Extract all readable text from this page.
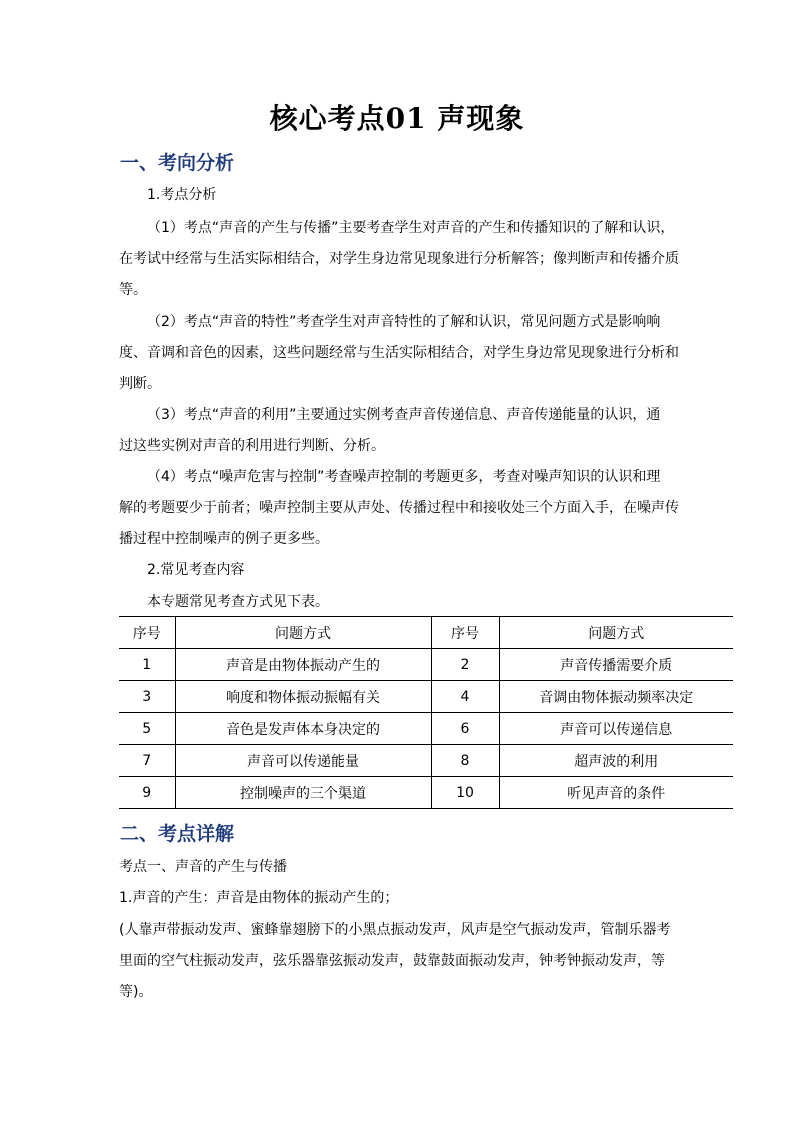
核心考点01 声现象
一、考向分析
1.考点分析
（1）考点“声音的产生与传播”主要考查学生对声音的产生和传播知识的了解和认识，
在考试中经常与生活实际相结合，对学生身边常见现象进行分析解答；像判断声和传播介质
等。
（2）考点“声音的特性”考查学生对声音特性的了解和认识，常见问题方式是影响响
度、音调和音色的因素，这些问题经常与生活实际相结合，对学生身边常见现象进行分析和
判断。
（3）考点“声音的利用”主要通过实例考查声音传递信息、声音传递能量的认识，通
过这些实例对声音的利用进行判断、分析。
（4）考点“噪声危害与控制”考查噪声控制的考题更多，考查对噪声知识的认识和理
解的考题要少于前者；噪声控制主要从声处、传播过程中和接收处三个方面入手，在噪声传
播过程中控制噪声的例子更多些。
2.常见考查内容
本专题常见考查方式见下表。
序号	问题方式	序号	问题方式
1	声音是由物体振动产生的	2	声音传播需要介质
3	响度和物体振动振幅有关	4	音调由物体振动频率决定
5	音色是发声体本身决定的	6	声音可以传递信息
7	声音可以传递能量	8	超声波的利用
9	控制噪声的三个渠道	10	听见声音的条件
二、考点详解
考点一、声音的产生与传播
1.声音的产生：声音是由物体的振动产生的；
(人靠声带振动发声、蜜蜂靠翅膀下的小黑点振动发声，风声是空气振动发声，管制乐器考
里面的空气柱振动发声，弦乐器靠弦振动发声，鼓靠鼓面振动发声，钟考钟振动发声，等
等)。
